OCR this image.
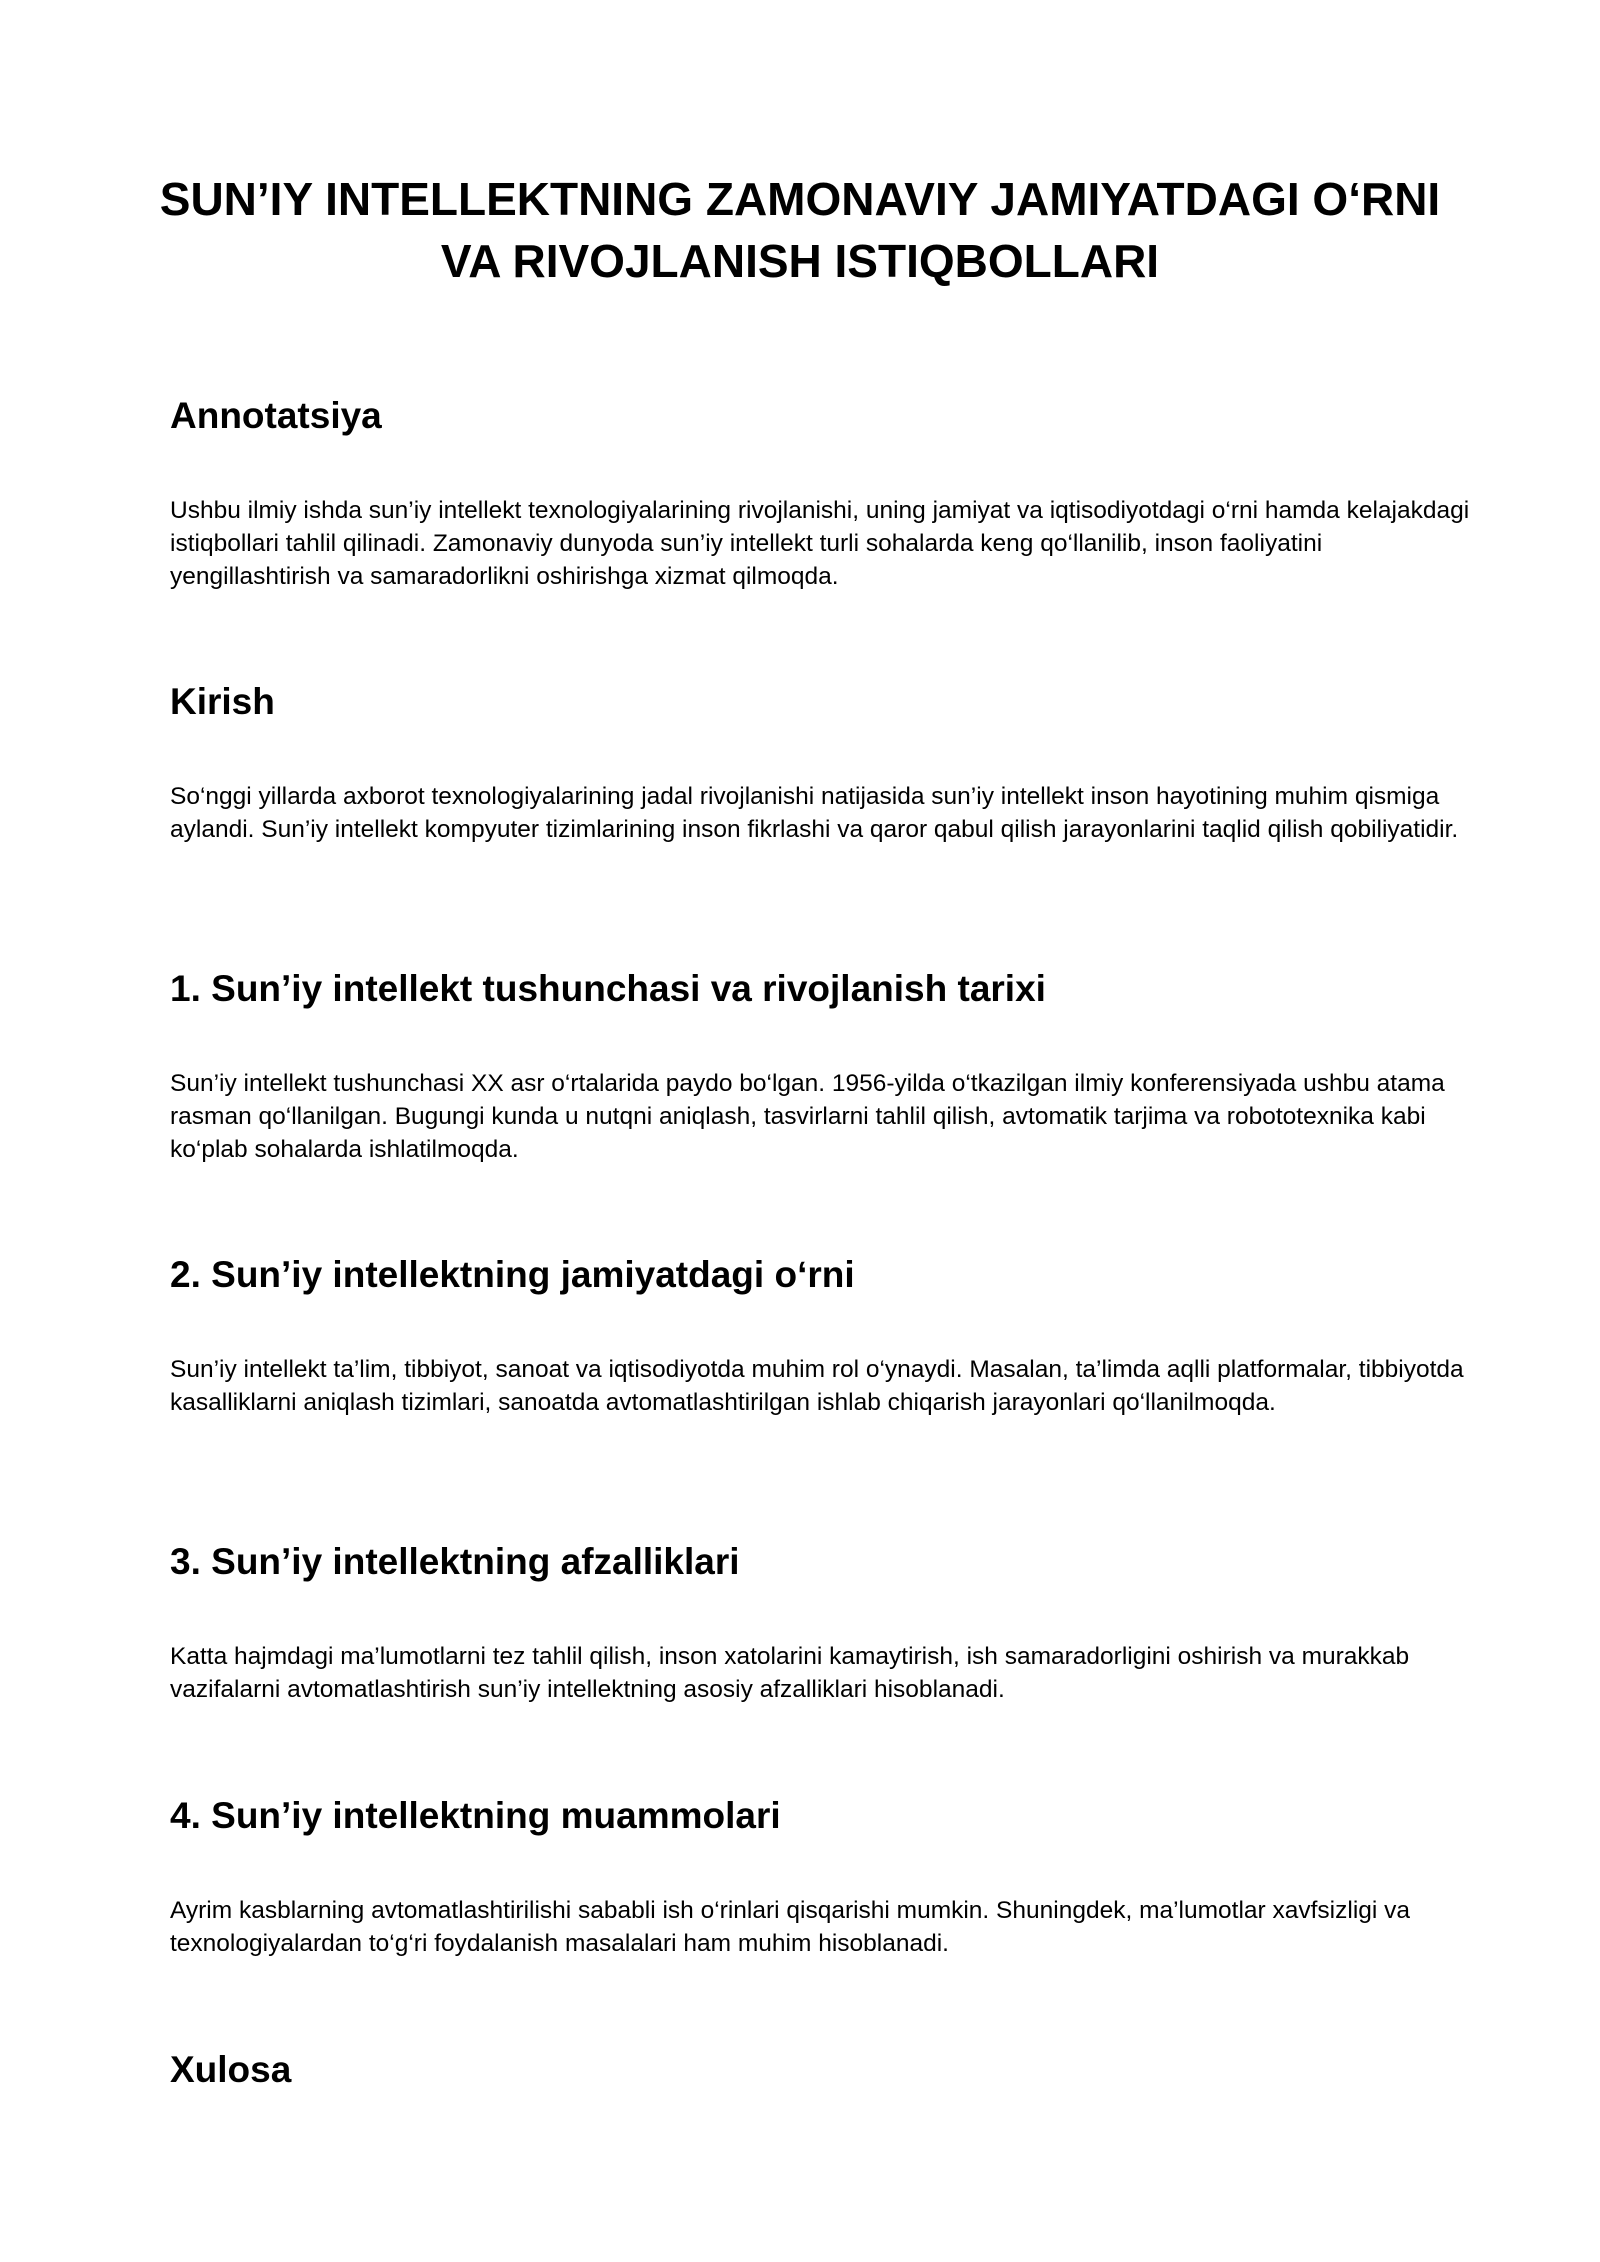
SUN’IY INTELLEKTNING ZAMONAVIY JAMIYATDAGI O‘RNI VA RIVOJLANISH ISTIQBOLLARI
Annotatsiya

Ushbu ilmiy ishda sun’iy intellekt texnologiyalarining rivojlanishi, uning jamiyat va iqtisodiyotdagi o‘rni hamda kelajakdagi istiqbollari tahlil qilinadi. Zamonaviy dunyoda sun’iy intellekt turli sohalarda keng qo‘llanilib, inson faoliyatini yengillashtirish va samaradorlikni oshirishga xizmat qilmoqda.

Kirish

So‘nggi yillarda axborot texnologiyalarining jadal rivojlanishi natijasida sun’iy intellekt inson hayotining muhim qismiga aylandi. Sun’iy intellekt kompyuter tizimlarining inson fikrlashi va qaror qabul qilish jarayonlarini taqlid qilish qobiliyatidir.

1. Sun’iy intellekt tushunchasi va rivojlanish tarixi

Sun’iy intellekt tushunchasi XX asr o‘rtalarida paydo bo‘lgan. 1956-yilda o‘tkazilgan ilmiy konferensiyada ushbu atama rasman qo‘llanilgan. Bugungi kunda u nutqni aniqlash, tasvirlarni tahlil qilish, avtomatik tarjima va robototexnika kabi ko‘plab sohalarda ishlatilmoqda.

2. Sun’iy intellektning jamiyatdagi o‘rni

Sun’iy intellekt ta’lim, tibbiyot, sanoat va iqtisodiyotda muhim rol o‘ynaydi. Masalan, ta’limda aqlli platformalar, tibbiyotda kasalliklarni aniqlash tizimlari, sanoatda avtomatlashtirilgan ishlab chiqarish jarayonlari qo‘llanilmoqda.

3. Sun’iy intellektning afzalliklari

Katta hajmdagi ma’lumotlarni tez tahlil qilish, inson xatolarini kamaytirish, ish samaradorligini oshirish va murakkab vazifalarni avtomatlashtirish sun’iy intellektning asosiy afzalliklari hisoblanadi.

4. Sun’iy intellektning muammolari

Ayrim kasblarning avtomatlashtirilishi sababli ish o‘rinlari qisqarishi mumkin. Shuningdek, ma’lumotlar xavfsizligi va texnologiyalardan to‘g‘ri foydalanish masalalari ham muhim hisoblanadi.

Xulosa
